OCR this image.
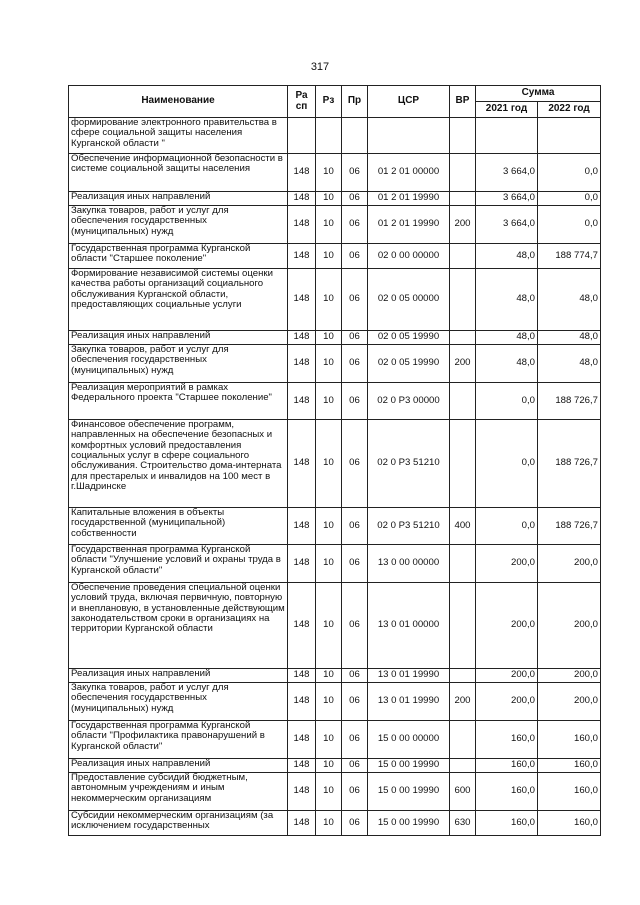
317
Наименование	Ра сп	Рз	Пр	ЦСР	ВР	Сумма	
						2021 год	2022 год
формирование электронного правительства в сфере социальной защиты населения Курганской области "							
Обеспечение информационной безопасности в системе социальной защиты населения	148	10	06	01 2 01 00000		3 664,0	0,0
Реализация иных направлений	148	10	06	01 2 01 19990		3 664,0	0,0
Закупка товаров, работ и услуг для обеспечения государственных (муниципальных) нужд	148	10	06	01 2 01 19990	200	3 664,0	0,0
Государственная программа Курганской области "Старшее поколение"	148	10	06	02 0 00 00000		48,0	188 774,7
Формирование независимой системы оценки качества работы организаций социального обслуживания Курганской области, предоставляющих социальные услуги	148	10	06	02 0 05 00000		48,0	48,0
Реализация иных направлений	148	10	06	02 0 05 19990		48,0	48,0
Закупка товаров, работ и услуг для обеспечения государственных (муниципальных) нужд	148	10	06	02 0 05 19990	200	48,0	48,0
Реализация мероприятий в рамках Федерального проекта "Старшее поколение"	148	10	06	02 0 P3 00000		0,0	188 726,7
Финансовое обеспечение программ, направленных на обеспечение безопасных и комфортных условий предоставления социальных услуг в сфере социального обслуживания. Строительство дома-интерната для престарелых и инвалидов на 100 мест в г.Шадринске	148	10	06	02 0 P3 51210		0,0	188 726,7
Капитальные вложения в объекты государственной (муниципальной) собственности	148	10	06	02 0 P3 51210	400	0,0	188 726,7
Государственная программа Курганской области "Улучшение условий и охраны труда в Курганской области"	148	10	06	13 0 00 00000		200,0	200,0
Обеспечение проведения специальной оценки условий труда, включая первичную, повторную и внеплановую, в установленные действующим законодательством сроки в организациях на территории Курганской области	148	10	06	13 0 01 00000		200,0	200,0
Реализация иных направлений	148	10	06	13 0 01 19990		200,0	200,0
Закупка товаров, работ и услуг для обеспечения государственных (муниципальных) нужд	148	10	06	13 0 01 19990	200	200,0	200,0
Государственная программа Курганской области "Профилактика правонарушений в Курганской области"	148	10	06	15 0 00 00000		160,0	160,0
Реализация иных направлений	148	10	06	15 0 00 19990		160,0	160,0
Предоставление субсидий бюджетным, автономным учреждениям и иным некоммерческим организациям	148	10	06	15 0 00 19990	600	160,0	160,0
Субсидии некоммерческим организациям (за исключением государственных	148	10	06	15 0 00 19990	630	160,0	160,0
